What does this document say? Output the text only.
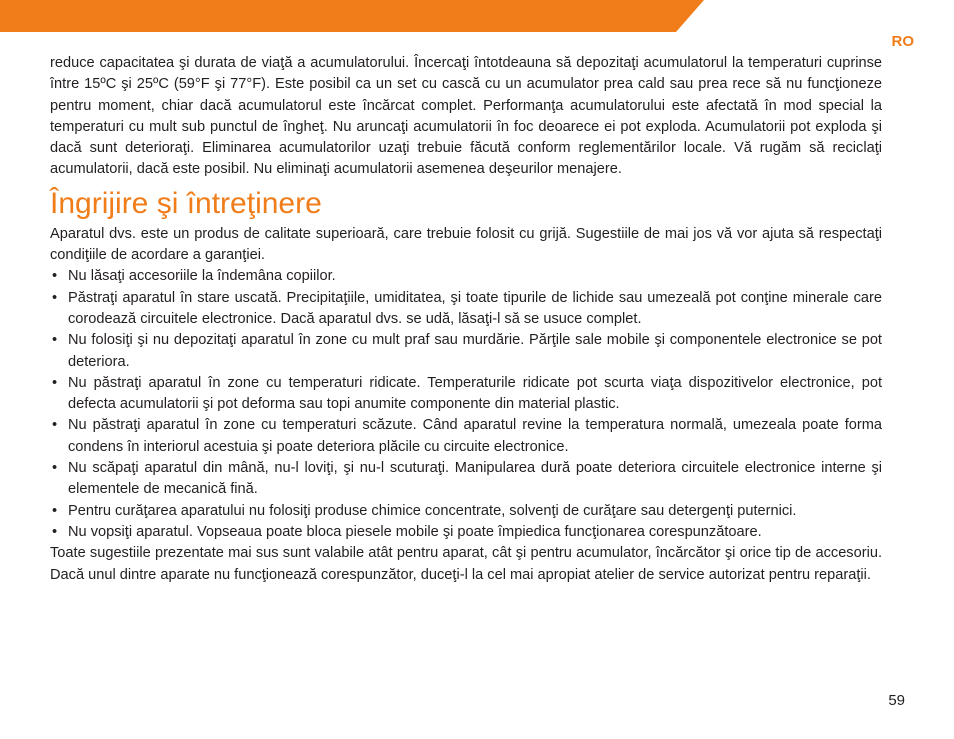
RO

reduce capacitatea şi durata de viaţă a acumulatorului. Încercaţi întotdeauna să depozitaţi acumulatorul la temperaturi cuprinse între 15ºC şi 25ºC (59°F şi 77°F). Este posibil ca un set cu cască cu un acumulator prea cald sau prea rece să nu funcţioneze pentru moment, chiar dacă acumulatorul este încărcat complet. Performanţa acumulatorului este afectată în mod special la temperaturi cu mult sub punctul de îngheţ. Nu aruncaţi acumulatorii în foc deoarece ei pot exploda. Acumulatorii pot exploda şi dacă sunt deterioraţi. Eliminarea acumulatorilor uzaţi trebuie făcută conform reglementărilor locale. Vă rugăm să reciclaţi acumulatorii, dacă este posibil. Nu eliminaţi acumulatorii asemenea deşeurilor menajere.

Îngrijire şi întreţinere

Aparatul dvs. este un produs de calitate superioară, care trebuie folosit cu grijă. Sugestiile de mai jos vă vor ajuta să respectaţi condiţiile de acordare a garanţiei.

• Nu lăsaţi accesoriile la îndemâna copiilor.
• Păstraţi aparatul în stare uscată. Precipitaţiile, umiditatea, şi toate tipurile de lichide sau umezeală pot conţine minerale care corodează circuitele electronice. Dacă aparatul dvs. se udă, lăsaţi-l să se usuce complet.
• Nu folosiţi şi nu depozitaţi aparatul în zone cu mult praf sau murdărie. Părţile sale mobile şi componentele electronice se pot deteriora.
• Nu păstraţi aparatul în zone cu temperaturi ridicate. Temperaturile ridicate pot scurta viaţa dispozitivelor electronice, pot defecta acumulatorii şi pot deforma sau topi anumite componente din material plastic.
• Nu păstraţi aparatul în zone cu temperaturi scăzute. Când aparatul revine la temperatura normală, umezeala poate forma condens în interiorul acestuia şi poate deteriora plăcile cu circuite electronice.
• Nu scăpaţi aparatul din mână, nu-l loviţi, şi nu-l scuturaţi. Manipularea dură poate deteriora circuitele electronice interne şi elementele de mecanică fină.
• Pentru curăţarea aparatului nu folosiţi produse chimice concentrate, solvenţi de curăţare sau detergenţi puternici.
• Nu vopsiţi aparatul. Vopseaua poate bloca piesele mobile şi poate împiedica funcţionarea corespunzătoare.

Toate sugestiile prezentate mai sus sunt valabile atât pentru aparat, cât şi pentru acumulator, încărcător şi orice tip de accesoriu. Dacă unul dintre aparate nu funcţionează corespunzător, duceţi-l la cel mai apropiat atelier de service autorizat pentru reparaţii.

59
